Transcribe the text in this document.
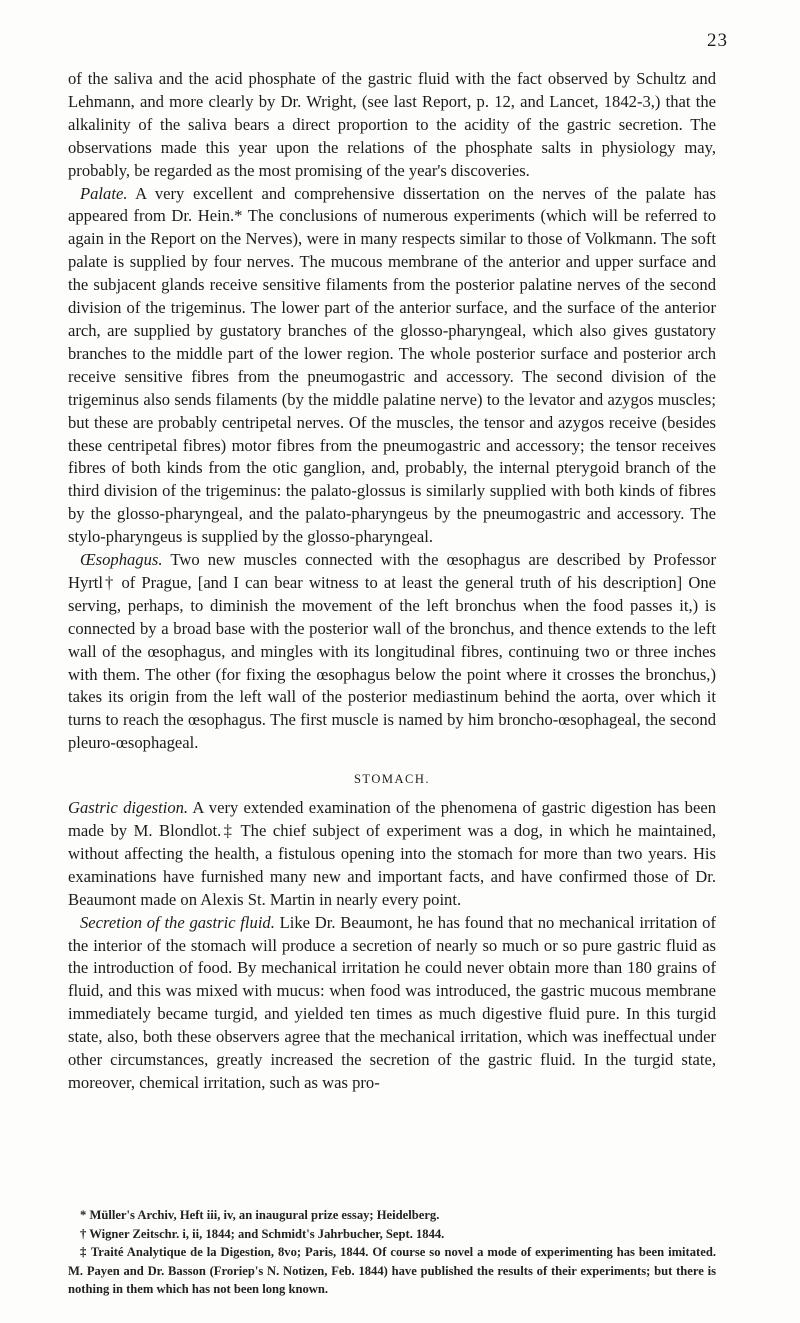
23

of the saliva and the acid phosphate of the gastric fluid with the fact observed by Schultz and Lehmann, and more clearly by Dr. Wright, (see last Report, p. 12, and Lancet, 1842-3,) that the alkalinity of the saliva bears a direct proportion to the acidity of the gastric secretion. The observations made this year upon the relations of the phosphate salts in physiology may, probably, be regarded as the most promising of the year's discoveries.

Palate. A very excellent and comprehensive dissertation on the nerves of the palate has appeared from Dr. Hein.* The conclusions of numerous experiments (which will be referred to again in the Report on the Nerves), were in many respects similar to those of Volkmann. The soft palate is supplied by four nerves. The mucous membrane of the anterior and upper surface and the subjacent glands receive sensitive filaments from the posterior palatine nerves of the second division of the trigeminus. The lower part of the anterior surface, and the surface of the anterior arch, are supplied by gustatory branches of the glosso-pharyngeal, which also gives gustatory branches to the middle part of the lower region. The whole posterior surface and posterior arch receive sensitive fibres from the pneumogastric and accessory. The second division of the trigeminus also sends filaments (by the middle palatine nerve) to the levator and azygos muscles; but these are probably centripetal nerves. Of the muscles, the tensor and azygos receive (besides these centripetal fibres) motor fibres from the pneumogastric and accessory; the tensor receives fibres of both kinds from the otic ganglion, and, probably, the internal pterygoid branch of the third division of the trigeminus: the palato-glossus is similarly supplied with both kinds of fibres by the glosso-pharyngeal, and the palato-pharyngeus by the pneumogastric and accessory. The stylo-pharyngeus is supplied by the glosso-pharyngeal.

Œsophagus. Two new muscles connected with the œsophagus are described by Professor Hyrtl† of Prague, [and I can bear witness to at least the general truth of his description] One serving, perhaps, to diminish the movement of the left bronchus when the food passes it,) is connected by a broad base with the posterior wall of the bronchus, and thence extends to the left wall of the œsophagus, and mingles with its longitudinal fibres, continuing two or three inches with them. The other (for fixing the œsophagus below the point where it crosses the bronchus,) takes its origin from the left wall of the posterior mediastinum behind the aorta, over which it turns to reach the œsophagus. The first muscle is named by him broncho-œsophageal, the second pleuro-œsophageal.

STOMACH.

Gastric digestion. A very extended examination of the phenomena of gastric digestion has been made by M. Blondlot.‡ The chief subject of experiment was a dog, in which he maintained, without affecting the health, a fistulous opening into the stomach for more than two years. His examinations have furnished many new and important facts, and have confirmed those of Dr. Beaumont made on Alexis St. Martin in nearly every point.

Secretion of the gastric fluid. Like Dr. Beaumont, he has found that no mechanical irritation of the interior of the stomach will produce a secretion of nearly so much or so pure gastric fluid as the introduction of food. By mechanical irritation he could never obtain more than 180 grains of fluid, and this was mixed with mucus: when food was introduced, the gastric mucous membrane immediately became turgid, and yielded ten times as much digestive fluid pure. In this turgid state, also, both these observers agree that the mechanical irritation, which was ineffectual under other circumstances, greatly increased the secretion of the gastric fluid. In the turgid state, moreover, chemical irritation, such as was pro-

* Müller's Archiv, Heft iii, iv, an inaugural prize essay; Heidelberg.

† Wigner Zeitschr. i, ii, 1844; and Schmidt's Jahrbucher, Sept. 1844.

‡ Traité Analytique de la Digestion, 8vo; Paris, 1844. Of course so novel a mode of experimenting has been imitated. M. Payen and Dr. Basson (Froriep's N. Notizen, Feb. 1844) have published the results of their experiments; but there is nothing in them which has not been long known.
